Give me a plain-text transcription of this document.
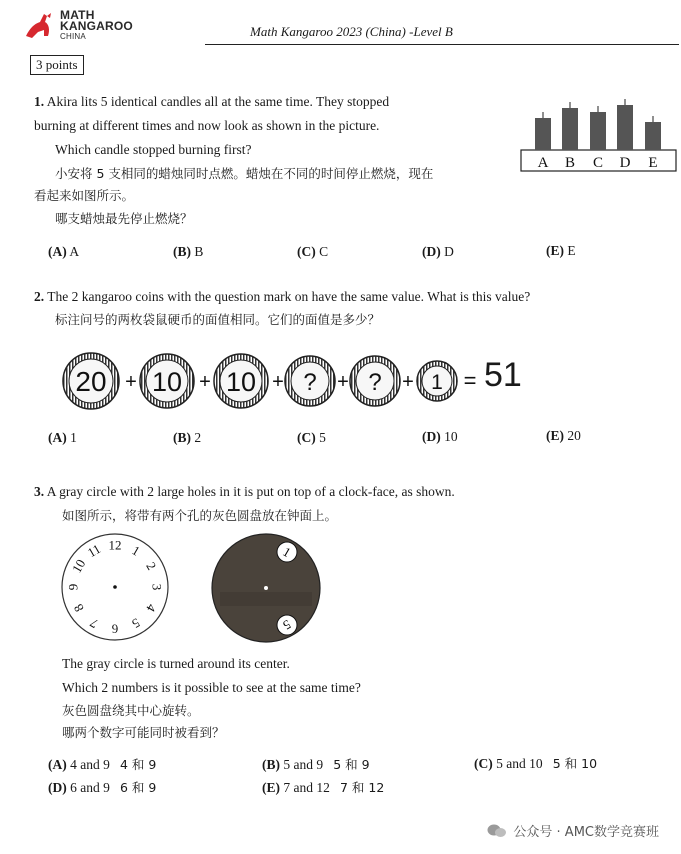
MATH
KANGAROO
CHINA	Math Kangaroo 2023 (China) -Level B
3 points
1. Akira lits 5 identical candles all at the same time. They stopped
burning at different times and now look as shown in the picture.
Which candle stopped burning first?
小安将 5 支相同的蜡烛同时点燃。蜡烛在不同的时间停止燃烧，现在
看起来如图所示。
哪支蜡烛最先停止燃烧？
A B C D E
(A) A	(B) B	(C) C	(D) D	(E) E
2. The 2 kangaroo coins with the question mark on have the same value. What is this value?
标注问号的两枚袋鼠硬币的面值相同。它们的面值是多少？
20 + 10 + 10 + ? + ? + 1 = 51
(A) 1	(B) 2	(C) 5	(D) 10	(E) 20
3. A gray circle with 2 large holes in it is put on top of a clock-face, as shown.
如图所示，将带有两个孔的灰色圆盘放在钟面上。
12 1
2
3
4
5
6
7
8
9
10
11	1
5
The gray circle is turned around its center.
Which 2 numbers is it possible to see at the same time?
灰色圆盘绕其中心旋转。
哪两个数字可能同时被看到？
(A) 4 and 9 4 和 9	(B) 5 and 9 5 和 9	(C) 5 and 10 5 和 10
(D) 6 and 9 6 和 9	(E) 7 and 12 7 和 12
公众号 · AMC数学竞赛班
